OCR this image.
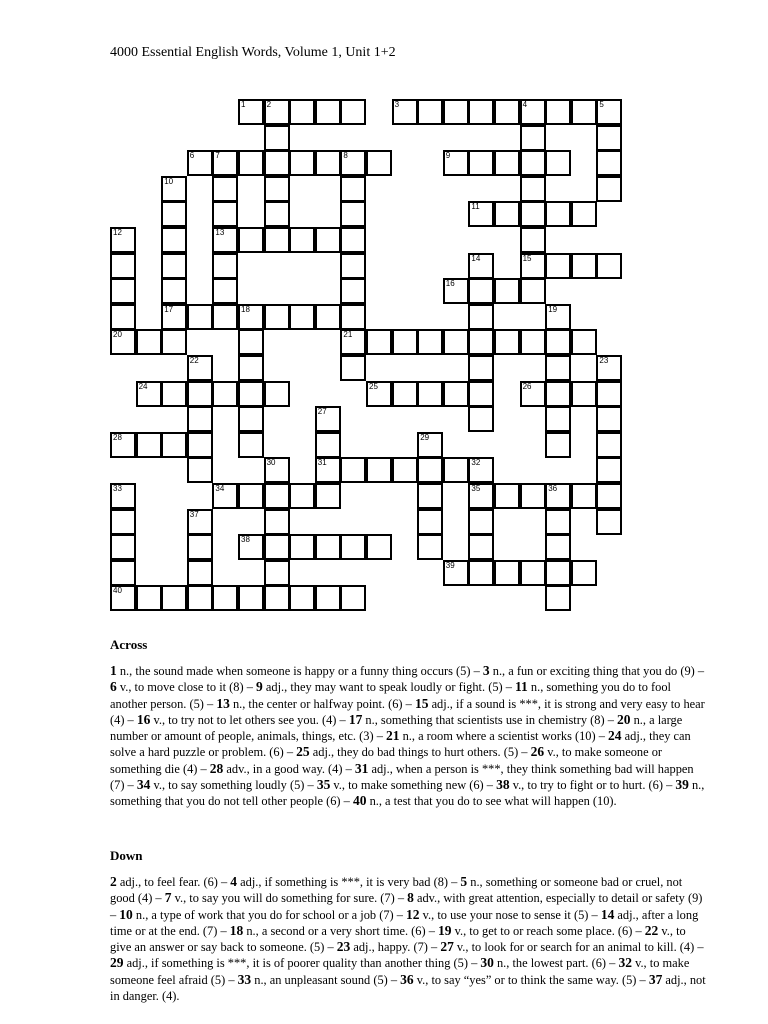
4000 Essential English Words, Volume 1, Unit 1+2
1	2	3	4	5
6	7	8	9
11
13
15
16
17	18
20	21
24	25	26
28
31	32
34	35	36
38
39
40
10
12
14
19
22	23
27
29
30
33
37
Across

1 n., the sound made when someone is happy or a funny thing occurs (5) – 3 n., a fun or exciting thing that you do (9) – 6 v., to move close to it (8) – 9 adj., they may want to speak loudly or fight. (5) – 11 n., something you do to fool another person. (5) – 13 n., the center or halfway point. (6) – 15 adj., if a sound is ***, it is strong and very easy to hear (4) – 16 v., to try not to let others see you. (4) – 17 n., something that scientists use in chemistry (8) – 20 n., a large number or amount of people, animals, things, etc. (3) – 21 n., a room where a scientist works (10) – 24 adj., they can solve a hard puzzle or problem. (6) – 25 adj., they do bad things to hurt others. (5) – 26 v., to make someone or something die (4) – 28 adv., in a good way. (4) – 31 adj., when a person is ***, they think something bad will happen (7) – 34 v., to say something loudly (5) – 35 v., to make something new (6) – 38 v., to try to fight or to hurt. (6) – 39 n., something that you do not tell other people (6) – 40 n., a test that you do to see what will happen (10).

Down

2 adj., to feel fear. (6) – 4 adj., if something is ***, it is very bad (8) – 5 n., something or someone bad or cruel, not good (4) – 7 v., to say you will do something for sure. (7) – 8 adv., with great attention, especially to detail or safety (9) – 10 n., a type of work that you do for school or a job (7) – 12 v., to use your nose to sense it (5) – 14 adj., after a long time or at the end. (7) – 18 n., a second or a very short time. (6) – 19 v., to get to or reach some place. (6) – 22 v., to give an answer or say back to someone. (5) – 23 adj., happy. (7) – 27 v., to look for or search for an animal to kill. (4) – 29 adj., if something is ***, it is of poorer quality than another thing (5) – 30 n., the lowest part. (6) – 32 v., to make someone feel afraid (5) – 33 n., an unpleasant sound (5) – 36 v., to say “yes” or to think the same way. (5) – 37 adj., not in danger. (4).
